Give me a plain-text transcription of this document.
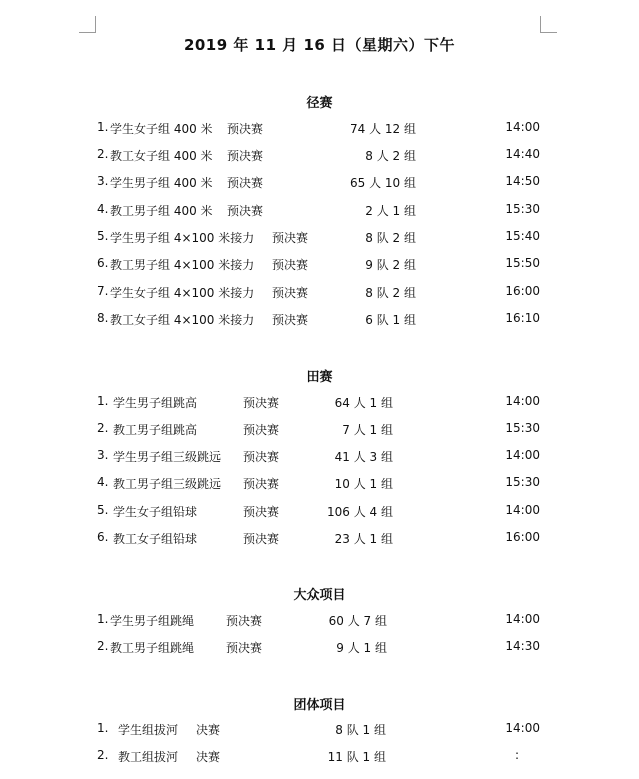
2019 年 11 月 16 日（星期六）下午
径赛
1. 学生女子组 400 米 预决赛	74 人 12 组	14:00
2. 教工女子组 400 米 预决赛	8 人 2 组	14:40
3. 学生男子组 400 米 预决赛	65 人 10 组	14:50
4. 教工男子组 400 米 预决赛	2 人 1 组	15:30
5. 学生男子组 4×100 米接力 预决赛	8 队 2 组	15:40
6. 教工男子组 4×100 米接力 预决赛	9 队 2 组	15:50
7. 学生女子组 4×100 米接力 预决赛	8 队 2 组	16:00
8. 教工女子组 4×100 米接力 预决赛	6 队 1 组	16:10
田赛
1. 学生男子组跳高	预决赛	64 人 1 组	14:00
2. 教工男子组跳高	预决赛	7 人 1 组	15:30
3. 学生男子组三级跳远 预决赛	41 人 3 组	14:00
4. 教工男子组三级跳远 预决赛	10 人 1 组	15:30
5. 学生女子组铅球	预决赛	106 人 4 组	14:00
6. 教工女子组铅球	预决赛	23 人 1 组	16:00
大众项目
1. 学生男子组跳绳	预决赛	60 人 7 组	14:00
2. 教工男子组跳绳	预决赛	9 人 1 组	14:30
团体项目
1. 学生组拔河 决赛	8 队 1 组	14:00
2. 教工组拔河 决赛	11 队 1 组	:
